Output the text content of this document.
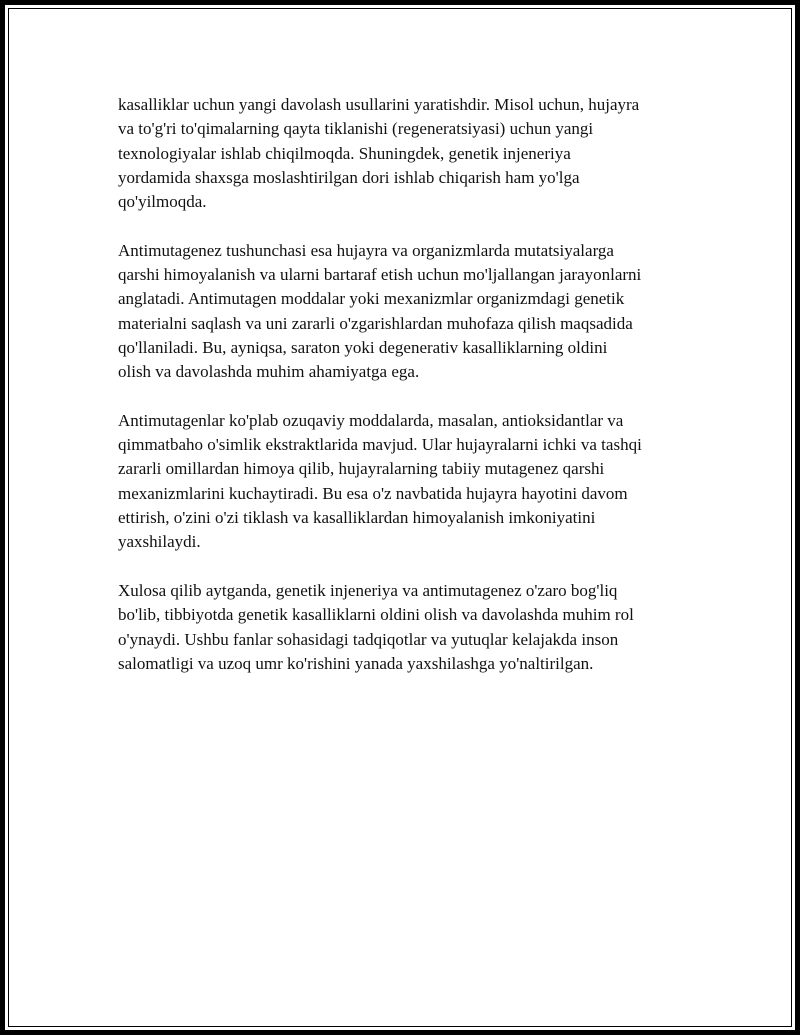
kasalliklar uchun yangi davolash usullarini yaratishdir. Misol uchun, hujayra
va to'g'ri to'qimalarning qayta tiklanishi (regeneratsiyasi) uchun yangi
texnologiyalar ishlab chiqilmoqda. Shuningdek, genetik injeneriya
yordamida shaxsga moslashtirilgan dori ishlab chiqarish ham yo'lga
qo'yilmoqda.

Antimutagenez tushunchasi esa hujayra va organizmlarda mutatsiyalarga
qarshi himoyalanish va ularni bartaraf etish uchun mo'ljallangan jarayonlarni
anglatadi. Antimutagen moddalar yoki mexanizmlar organizmdagi genetik
materialni saqlash va uni zararli o'zgarishlardan muhofaza qilish maqsadida
qo'llaniladi. Bu, ayniqsa, saraton yoki degenerativ kasalliklarning oldini
olish va davolashda muhim ahamiyatga ega.

Antimutagenlar ko'plab ozuqaviy moddalarda, masalan, antioksidantlar va
qimmatbaho o'simlik ekstraktlarida mavjud. Ular hujayralarni ichki va tashqi
zararli omillardan himoya qilib, hujayralarning tabiiy mutagenez qarshi
mexanizmlarini kuchaytiradi. Bu esa o'z navbatida hujayra hayotini davom
ettirish, o'zini o'zi tiklash va kasalliklardan himoyalanish imkoniyatini
yaxshilaydi.

Xulosa qilib aytganda, genetik injeneriya va antimutagenez o'zaro bog'liq
bo'lib, tibbiyotda genetik kasalliklarni oldini olish va davolashda muhim rol
o'ynaydi. Ushbu fanlar sohasidagi tadqiqotlar va yutuqlar kelajakda inson
salomatligi va uzoq umr ko'rishini yanada yaxshilashga yo'naltirilgan.
